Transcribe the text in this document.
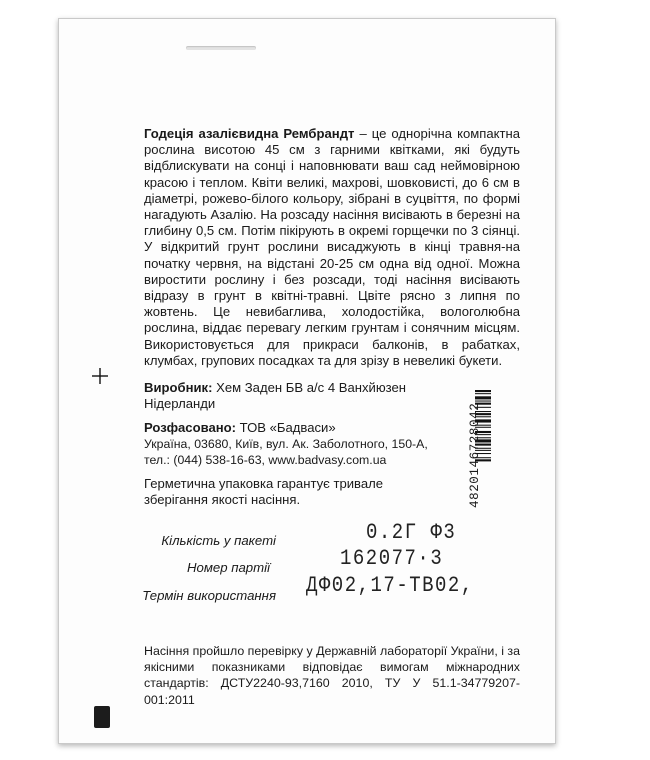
Годеція азалієвидна Рембрандт – це однорічна компактна рослина висотою 45 см з гарними квітками, які будуть відблискувати на сонці і наповнювати ваш сад неймовірною красою і теплом. Квіти великі, махрові, шовковисті, до 6 см в діаметрі, рожево-білого кольору, зібрані в суцвіття, по формі нагадують Азалію. На розсаду насіння висівають в березні на глибину 0,5 см. Потім пікірують в окремі горщечки по 3 сіянці. У відкритий грунт рослини висаджують в кінці травня-на початку червня, на відстані 20-25 см одна від одної. Можна виростити рослину і без розсади, тоді насіння висівають відразу в грунт в квітні-травні. Цвіте рясно з липня по жовтень. Це невибаглива, холодостійка, вологолюбна рослина, віддає перевагу легким грунтам і сонячним місцям. Використовується для прикраси балконів, в рабатках, клумбах, групових посадках та для зрізу в невеликі букети.

Виробник: Хем Заден БВ а/с 4 Ванхйюзен
Нідерланди
Розфасовано: ТОВ «Бадваси»
Україна, 03680, Київ, вул. Ак. Заболотного, 150-А,
тел.: (044) 538-16-63, www.badvasy.com.ua
Герметична упаковка гарантує тривале
зберігання якості насіння.	4820146728042
Кількість у пакеті	0.2Г Ф3
Номер партії	162077·3
Термін використання ДФ02,17-ТВ02,

Насіння пройшло перевірку у Державній лабораторії України, і за якісними показниками відповідає вимогам міжнародних стандартів: ДСТУ2240-93,7160 2010, ТУ У 51.1-34779207-001:2011
